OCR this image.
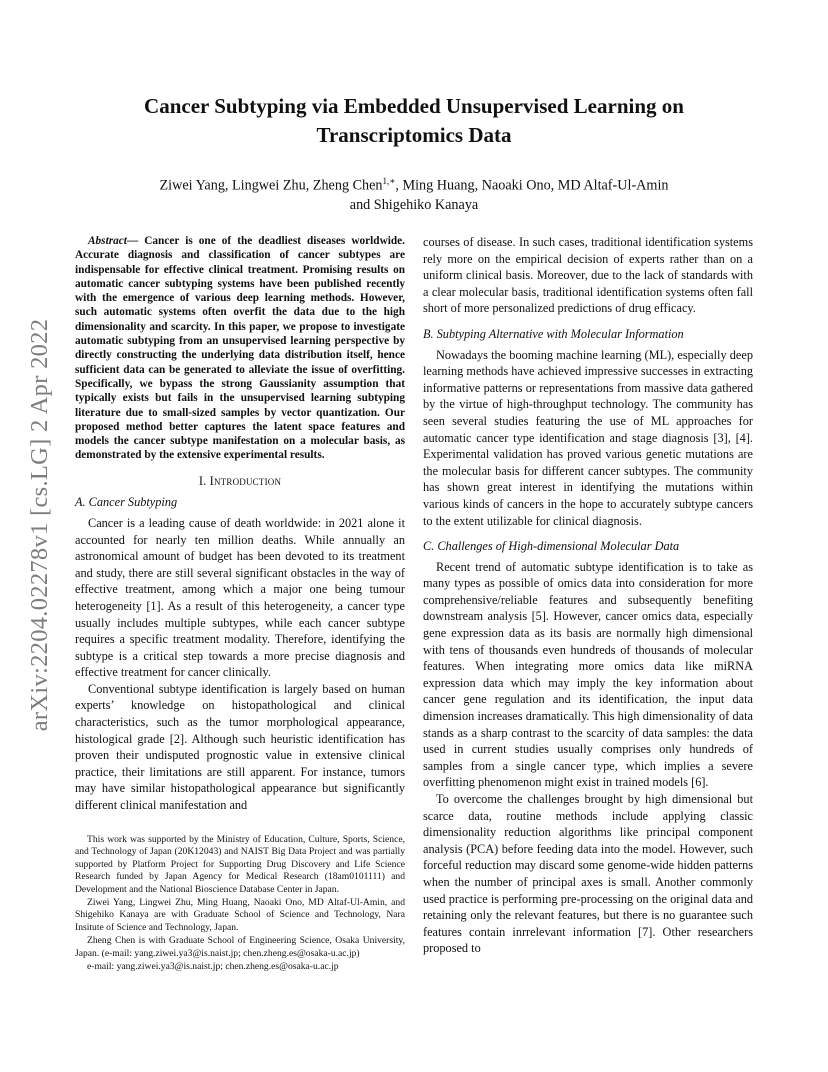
arXiv:2204.02278v1 [cs.LG] 2 Apr 2022
Cancer Subtyping via Embedded Unsupervised Learning on Transcriptomics Data
Ziwei Yang, Lingwei Zhu, Zheng Chen$^{1,∗}$, Ming Huang, Naoaki Ono, MD Altaf-Ul-Amin
and Shigehiko Kanaya

Abstract— Cancer is one of the deadliest diseases worldwide. Accurate diagnosis and classification of cancer subtypes are indispensable for effective clinical treatment. Promising results on automatic cancer subtyping systems have been published recently with the emergence of various deep learning methods. However, such automatic systems often overfit the data due to the high dimensionality and scarcity. In this paper, we propose to investigate automatic subtyping from an unsupervised learning perspective by directly constructing the underlying data distribution itself, hence sufficient data can be generated to alleviate the issue of overfitting. Specifically, we bypass the strong Gaussianity assumption that typically exists but fails in the unsupervised learning subtyping literature due to small-sized samples by vector quantization. Our proposed method better captures the latent space features and models the cancer subtype manifestation on a molecular basis, as demonstrated by the extensive experimental results.

I. Introduction
A. Cancer Subtyping

Cancer is a leading cause of death worldwide: in 2021 alone it accounted for nearly ten million deaths. While annually an astronomical amount of budget has been devoted to its treatment and study, there are still several significant obstacles in the way of effective treatment, among which a major one being tumour heterogeneity [1]. As a result of this heterogeneity, a cancer type usually includes multiple subtypes, while each cancer subtype requires a specific treatment modality. Therefore, identifying the subtype is a critical step towards a more precise diagnosis and effective treatment for cancer clinically.

Conventional subtype identification is largely based on human experts’ knowledge on histopathological and clinical characteristics, such as the tumor morphological appearance, histological grade [2]. Although such heuristic identification has proven their undisputed prognostic value in extensive clinical practice, their limitations are still apparent. For instance, tumors may have similar histopathological appearance but significantly different clinical manifestation and

This work was supported by the Ministry of Education, Culture, Sports, Science, and Technology of Japan (20K12043) and NAIST Big Data Project and was partially supported by Platform Project for Supporting Drug Discovery and Life Science Research funded by Japan Agency for Medical Research (18am0101111) and Development and the National Bioscience Database Center in Japan.

Ziwei Yang, Lingwei Zhu, Ming Huang, Naoaki Ono, MD Altaf-Ul-Amin, and Shigehiko Kanaya are with Graduate School of Science and Technology, Nara Insitute of Science and Technology, Japan.

Zheng Chen is with Graduate School of Engineering Science, Osaka University, Japan. (e-mail: yang.ziwei.ya3@is.naist.jp; chen.zheng.es@osaka-u.ac.jp)

e-mail: yang.ziwei.ya3@is.naist.jp; chen.zheng.es@osaka-u.ac.jp

courses of disease. In such cases, traditional identification systems rely more on the empirical decision of experts rather than on a uniform clinical basis. Moreover, due to the lack of standards with a clear molecular basis, traditional identification systems often fall short of more personalized predictions of drug efficacy.

B. Subtyping Alternative with Molecular Information

Nowadays the booming machine learning (ML), especially deep learning methods have achieved impressive successes in extracting informative patterns or representations from massive data gathered by the virtue of high-throughput technology. The community has seen several studies featuring the use of ML approaches for automatic cancer type identification and stage diagnosis [3], [4]. Experimental validation has proved various genetic mutations are the molecular basis for different cancer subtypes. The community has shown great interest in identifying the mutations within various kinds of cancers in the hope to accurately subtype cancers to the extent utilizable for clinical diagnosis.

C. Challenges of High-dimensional Molecular Data

Recent trend of automatic subtype identification is to take as many types as possible of omics data into consideration for more comprehensive/reliable features and subsequently benefiting downstream analysis [5]. However, cancer omics data, especially gene expression data as its basis are normally high dimensional with tens of thousands even hundreds of thousands of molecular features. When integrating more omics data like miRNA expression data which may imply the key information about cancer gene regulation and its identification, the input data dimension increases dramatically. This high dimensionality of data stands as a sharp contrast to the scarcity of data samples: the data used in current studies usually comprises only hundreds of samples from a single cancer type, which implies a severe overfitting phenomenon might exist in trained models [6].

To overcome the challenges brought by high dimensional but scarce data, routine methods include applying classic dimensionality reduction algorithms like principal component analysis (PCA) before feeding data into the model. However, such forceful reduction may discard some genome-wide hidden patterns when the number of principal axes is small. Another commonly used practice is performing pre-processing on the original data and retaining only the relevant features, but there is no guarantee such features contain inrrelevant information [7]. Other researchers proposed to
